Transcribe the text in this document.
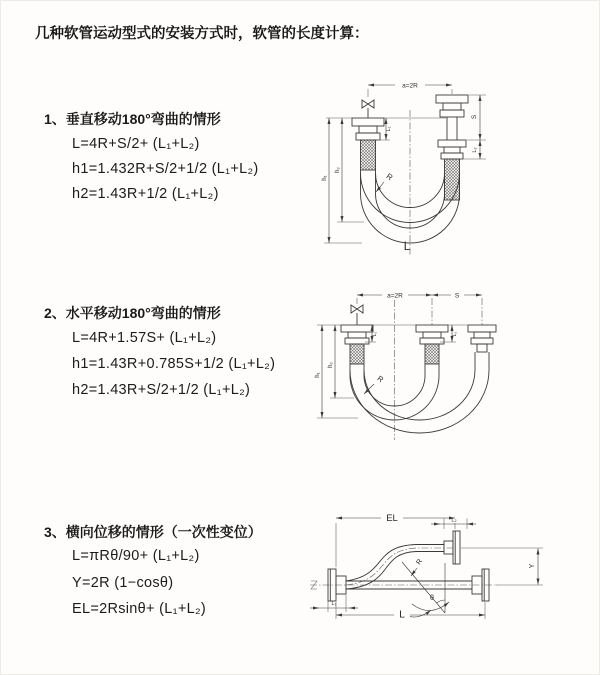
几种软管运动型式的安装方式时，软管的长度计算：
1、垂直移动180°弯曲的情形
L=4R+S/2+ (L₁+L₂)
h1=1.432R+S/2+1/2 (L₁+L₂)
h2=1.43R+1/2 (L₁+L₂)
2、水平移动180°弯曲的情形
L=4R+1.57S+ (L₁+L₂)
h1=1.43R+0.785S+1/2 (L₁+L₂)
h2=1.43R+S/2+1/2 (L₁+L₂)
3、横向位移的情形（一次性变位）
L=πRθ/90+ (L₁+L₂)
Y=2R (1−cosθ)
EL=2Rsinθ+ (L₁+L₂)
a=2R
L₁
S
L₂
h₁
h₂
R
L
a=2R	S
h₁
h₂
L₁	L₂
R
EL	L₂
Y
R
θ
L₁
L
